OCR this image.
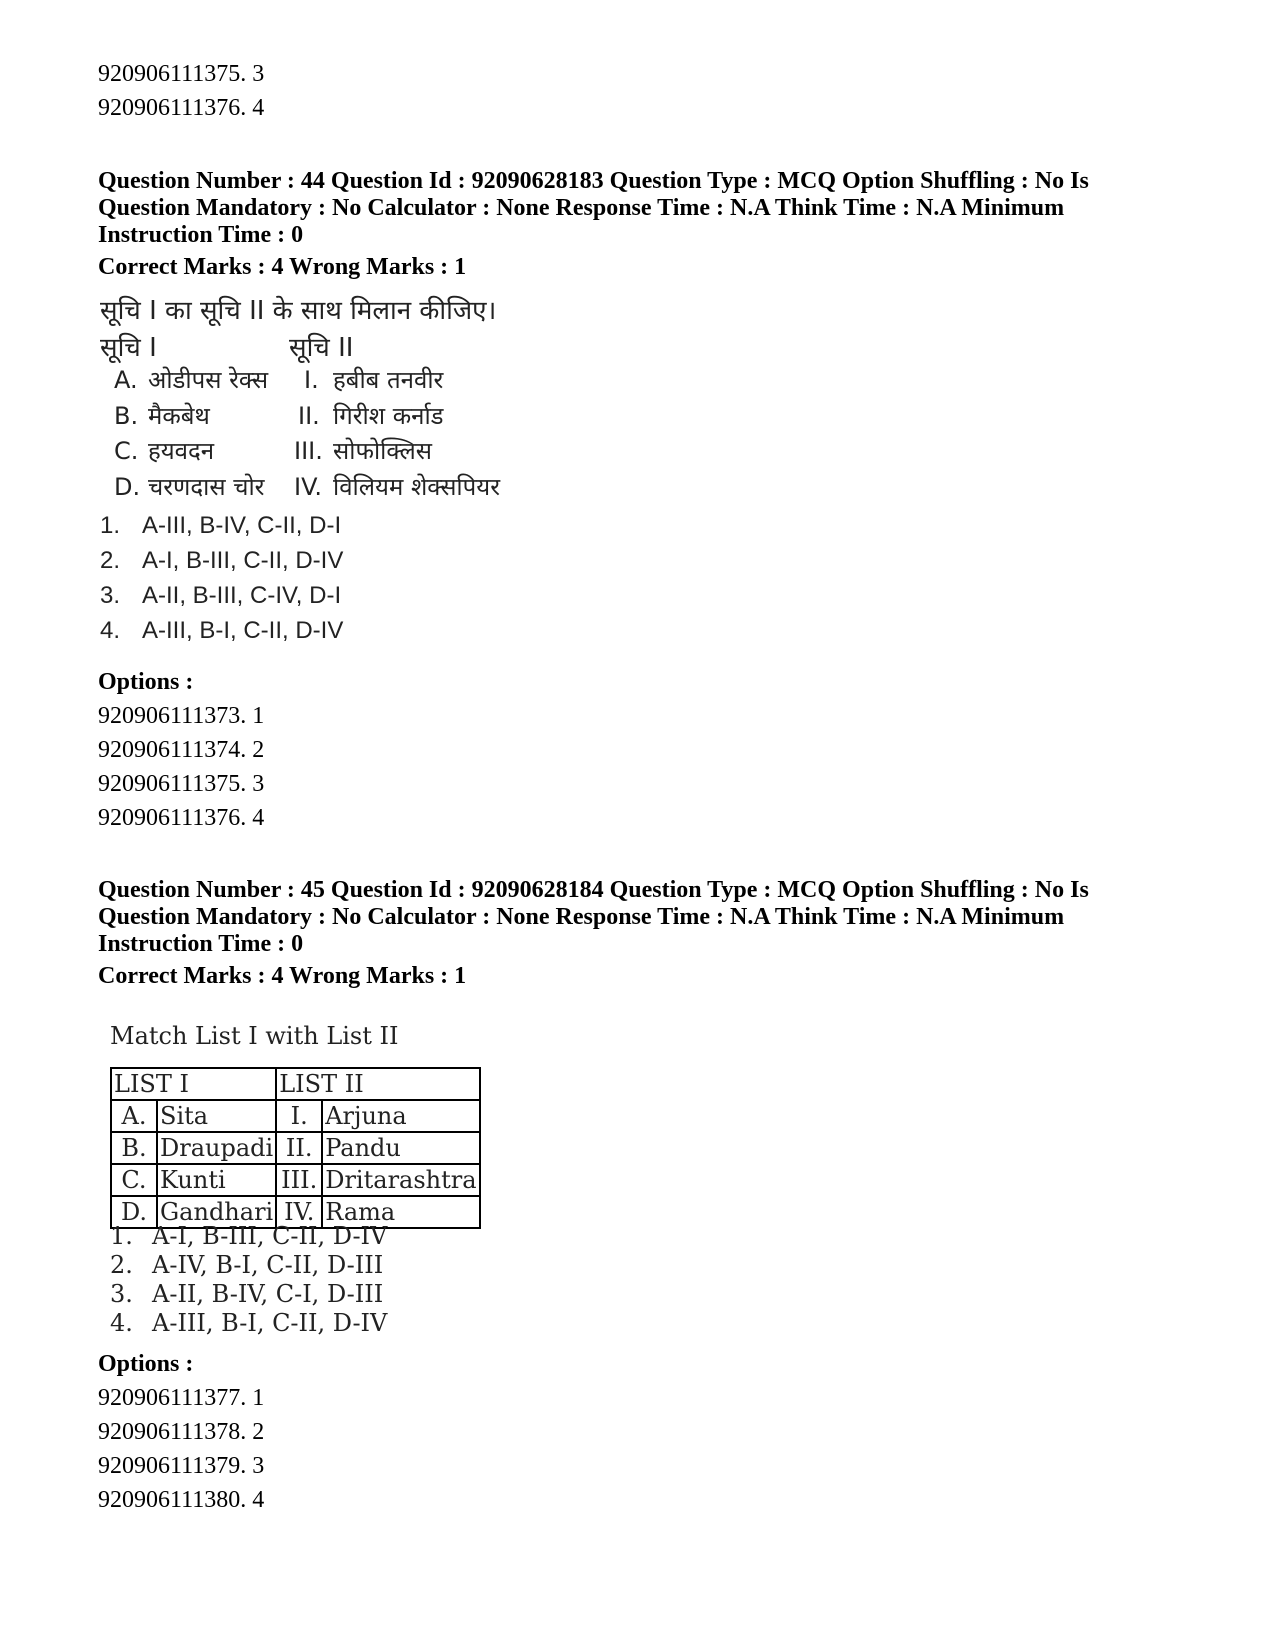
920906111375. 3
920906111376. 4
Question Number : 44 Question Id : 92090628183 Question Type : MCQ Option Shuffling : No Is
Question Mandatory : No Calculator : None Response Time : N.A Think Time : N.A Minimum
Instruction Time : 0
Correct Marks : 4 Wrong Marks : 1
सूचि I का सूचि II के साथ मिलान कीजिए।
सूचि I	सूचि II
A. ओडीपस रेक्स I. हबीब तनवीर
B. मैकबेथ	II. गिरीश कर्नाड
C. हयवदन	III. सोफोक्लिस
D. चरणदास चोर IV. विलियम शेक्सपियर
1. A-III, B-IV, C-II, D-I
2. A-I, B-III, C-II, D-IV
3. A-II, B-III, C-IV, D-I
4. A-III, B-I, C-II, D-IV
Options :
920906111373. 1
920906111374. 2
920906111375. 3
920906111376. 4
Question Number : 45 Question Id : 92090628184 Question Type : MCQ Option Shuffling : No Is
Question Mandatory : No Calculator : None Response Time : N.A Think Time : N.A Minimum
Instruction Time : 0
Correct Marks : 4 Wrong Marks : 1
Match List I with List II
LIST I		LIST II	
A.	Sita	I.	Arjuna
B.	Draupadi	II.	Pandu
C.	Kunti	III.	Dritarashtra
D.	Gandhari	IV.	Rama
1. A-I, B-III, C-II, D-IV
2. A-IV, B-I, C-II, D-III
3. A-II, B-IV, C-I, D-III
4. A-III, B-I, C-II, D-IV
Options :
920906111377. 1
920906111378. 2
920906111379. 3
920906111380. 4
